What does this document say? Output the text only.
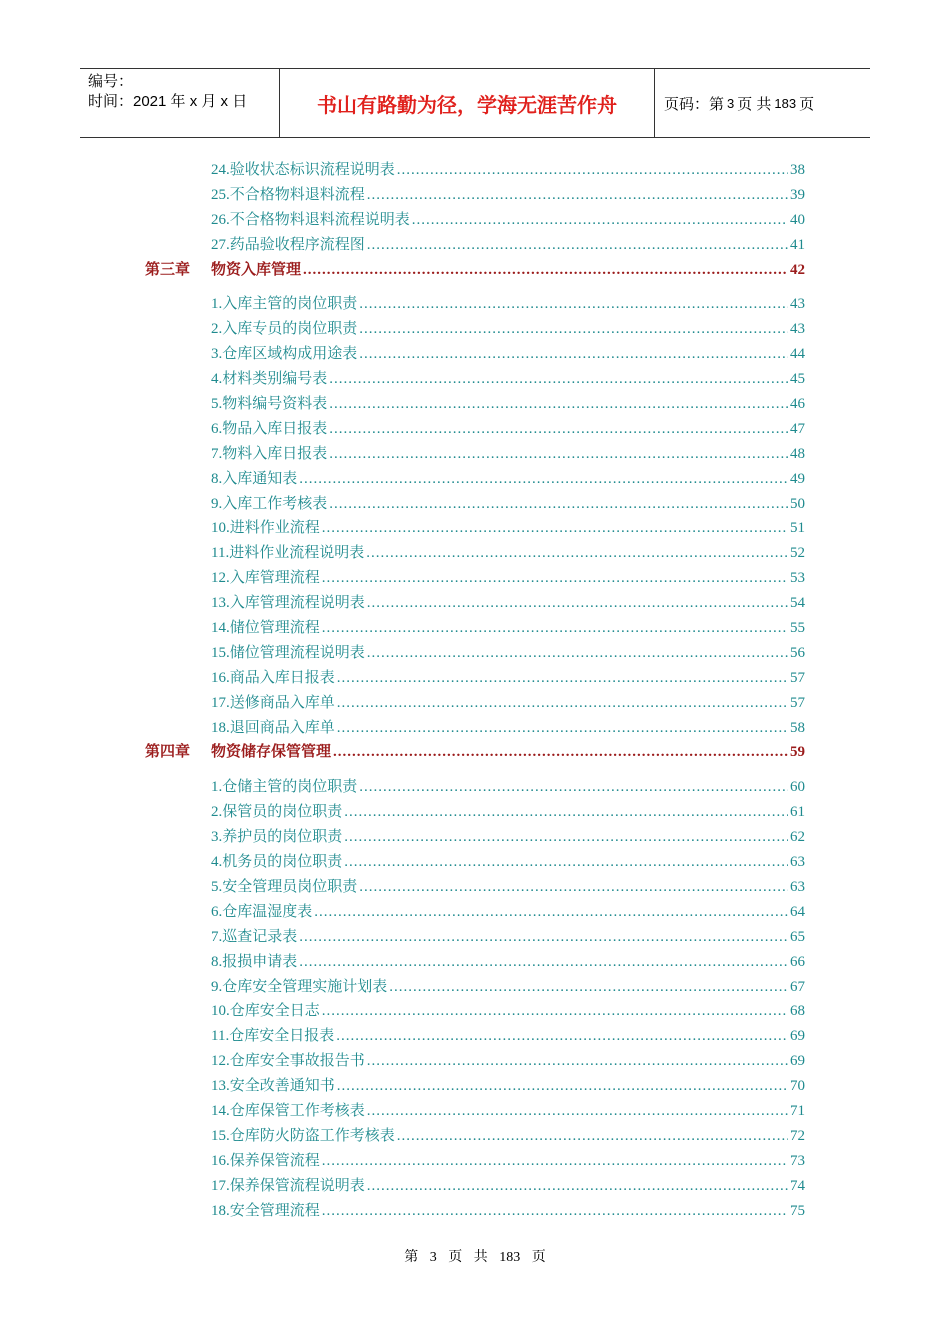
编号：
时间：2021 年 x 月 x 日	书山有路勤为径，学海无涯苦作舟	页码：第 3 页 共 183 页
24.验收状态标识流程说明表 .....	38
25.不合格物料退料流程 .....	39
26.不合格物料退料流程说明表 .....	40
27.药品验收程序流程图 .....	41
第三章 物资入库管理 .....	42
1.入库主管的岗位职责 .....	43
2.入库专员的岗位职责 .....	43
3.仓库区域构成用途表 .....	44
4.材料类别编号表 .....	45
5.物料编号资料表 .....	46
6.物品入库日报表 .....	47
7.物料入库日报表 .....	48
8.入库通知表 .....	49
9.入库工作考核表 .....	50
10.进料作业流程 .....	51
11.进料作业流程说明表 .....	52
12.入库管理流程 .....	53
13.入库管理流程说明表 .....	54
14.储位管理流程 .....	55
15.储位管理流程说明表 .....	56
16.商品入库日报表 .....	57
17.送修商品入库单 .....	57
18.退回商品入库单 .....	58
第四章 物资储存保管管理 .....	59
1.仓储主管的岗位职责 .....	60
2.保管员的岗位职责 .....	61
3.养护员的岗位职责 .....	62
4.机务员的岗位职责 .....	63
5.安全管理员岗位职责 .....	63
6.仓库温湿度表 .....	64
7.巡查记录表 .....	65
8.报损申请表 .....	66
9.仓库安全管理实施计划表 .....	67
10.仓库安全日志 .....	68
11.仓库安全日报表 .....	69
12.仓库安全事故报告书 .....	69
13.安全改善通知书 .....	70
14.仓库保管工作考核表 .....	71
15.仓库防火防盗工作考核表 .....	72
16.保养保管流程 .....	73
17.保养保管流程说明表 .....	74
18.安全管理流程 .....	75
第 3 页 共 183 页
